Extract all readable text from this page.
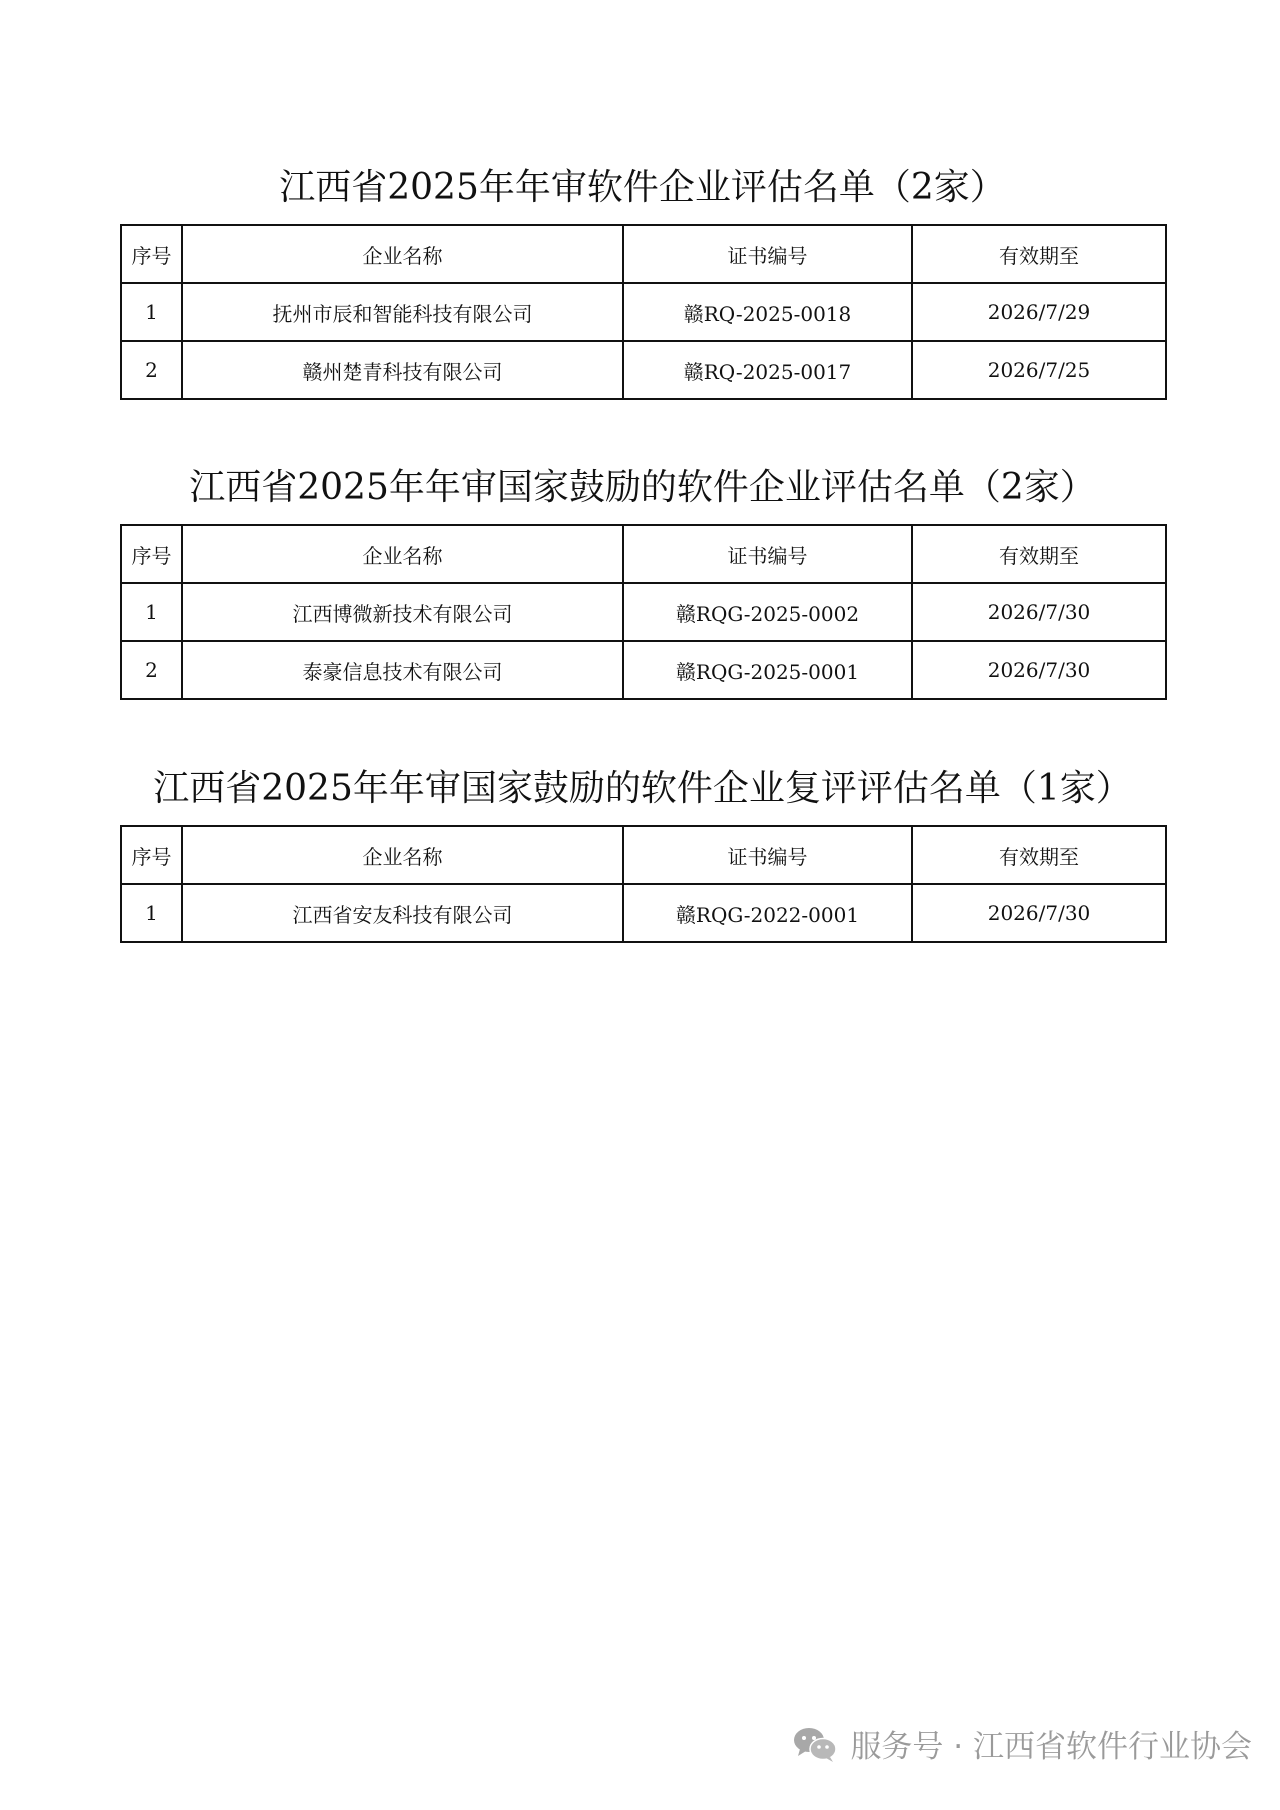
江西省2025年年审软件企业评估名单（2家）
序号	企业名称	证书编号	有效期至
1	抚州市辰和智能科技有限公司	赣RQ-2025-0018	2026/7/29
2	赣州楚青科技有限公司	赣RQ-2025-0017	2026/7/25
江西省2025年年审国家鼓励的软件企业评估名单（2家）
序号	企业名称	证书编号	有效期至
1	江西博微新技术有限公司	赣RQG-2025-0002	2026/7/30
2	泰豪信息技术有限公司	赣RQG-2025-0001	2026/7/30
江西省2025年年审国家鼓励的软件企业复评评估名单（1家）
序号	企业名称	证书编号	有效期至
1	江西省安友科技有限公司	赣RQG-2022-0001	2026/7/30
服务号 · 江西省软件行业协会
